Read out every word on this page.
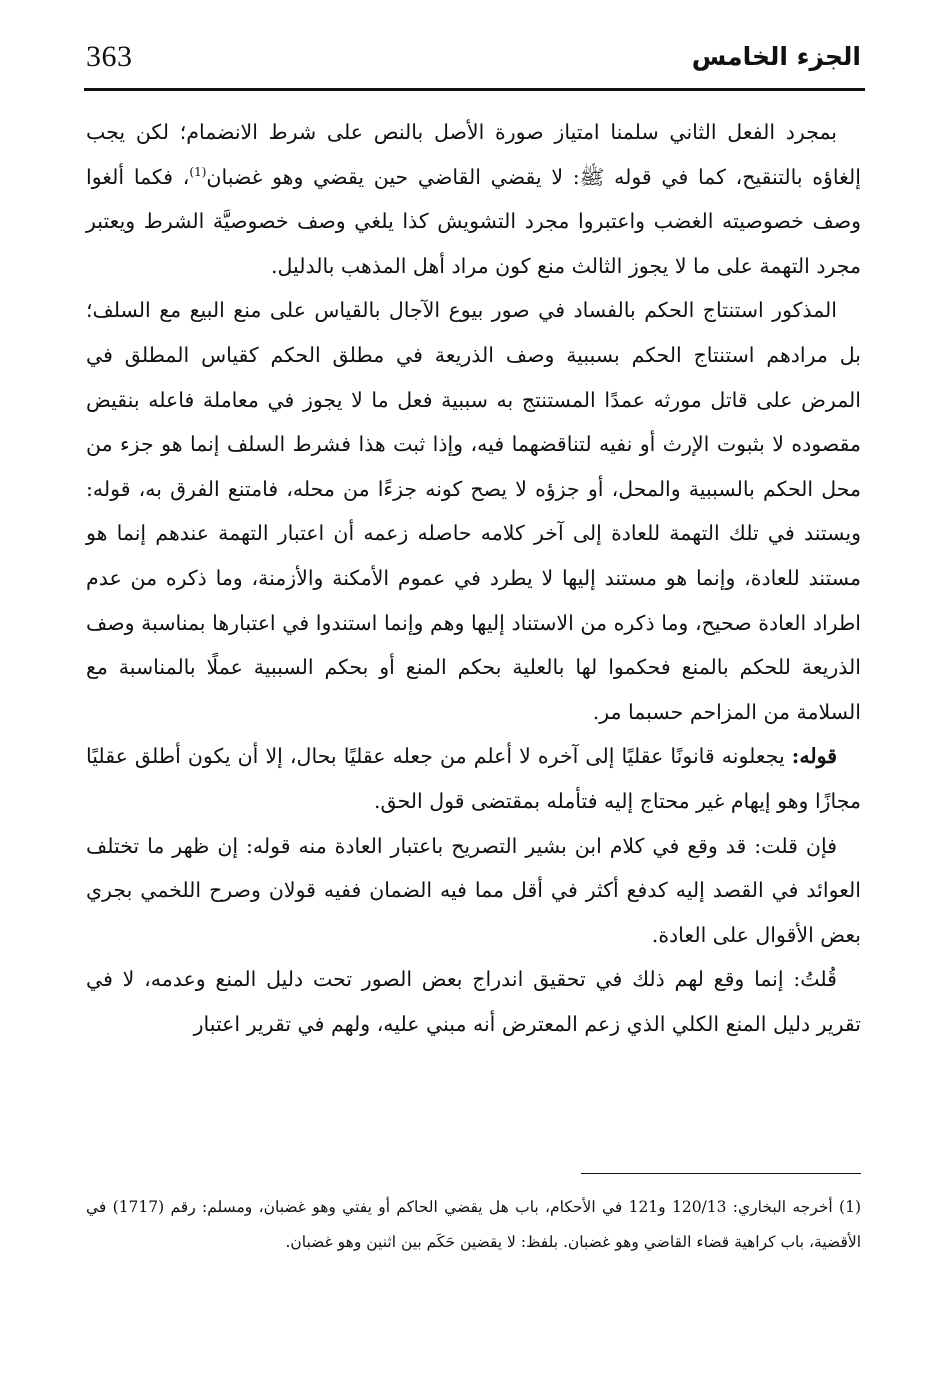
363	الجزء الخامس

بمجرد الفعل الثاني سلمنا امتياز صورة الأصل بالنص على شرط الانضمام؛ لكن يجب إلغاؤه بالتنقيح، كما في قوله ﷺ: لا يقضي القاضي حين يقضي وهو غضبان$^{(1)}$، فكما ألغوا وصف خصوصيته الغضب واعتبروا مجرد التشويش كذا يلغي وصف خصوصيَّة الشرط ويعتبر مجرد التهمة على ما لا يجوز الثالث منع كون مراد أهل المذهب بالدليل.

المذكور استنتاج الحكم بالفساد في صور بيوع الآجال بالقياس على منع البيع مع السلف؛ بل مرادهم استنتاج الحكم بسببية وصف الذريعة في مطلق الحكم كقياس المطلق في المرض على قاتل مورثه عمدًا المستنتج به سببية فعل ما لا يجوز في معاملة فاعله بنقيض مقصوده لا بثبوت الإرث أو نفيه لتناقضهما فيه، وإذا ثبت هذا فشرط السلف إنما هو جزء من محل الحكم بالسببية والمحل، أو جزؤه لا يصح كونه جزءًا من محله، فامتنع الفرق به، قوله: ويستند في تلك التهمة للعادة إلى آخر كلامه حاصله زعمه أن اعتبار التهمة عندهم إنما هو مستند للعادة، وإنما هو مستند إليها لا يطرد في عموم الأمكنة والأزمنة، وما ذكره من عدم اطراد العادة صحيح، وما ذكره من الاستناد إليها وهم وإنما استندوا في اعتبارها بمناسبة وصف الذريعة للحكم بالمنع فحكموا لها بالعلية بحكم المنع أو بحكم السببية عملًا بالمناسبة مع السلامة من المزاحم حسبما مر.

قوله: يجعلونه قانونًا عقليًا إلى آخره لا أعلم من جعله عقليًا بحال، إلا أن يكون أطلق عقليًا مجازًا وهو إيهام غير محتاج إليه فتأمله بمقتضى قول الحق.

فإن قلت: قد وقع في كلام ابن بشير التصريح باعتبار العادة منه قوله: إن ظهر ما تختلف العوائد في القصد إليه كدفع أكثر في أقل مما فيه الضمان ففيه قولان وصرح اللخمي بجري بعض الأقوال على العادة.

قُلتُ: إنما وقع لهم ذلك في تحقيق اندراج بعض الصور تحت دليل المنع وعدمه، لا في تقرير دليل المنع الكلي الذي زعم المعترض أنه مبني عليه، ولهم في تقرير اعتبار

(1) أخرجه البخاري: 120/13 و121 في الأحكام، باب هل يقضي الحاكم أو يفتي وهو غضبان، ومسلم: رقم (1717) في الأقضية، باب كراهية قضاء القاضي وهو غضبان. بلفظ: لا يقضين حَكَم بين اثنين وهو غضبان.
